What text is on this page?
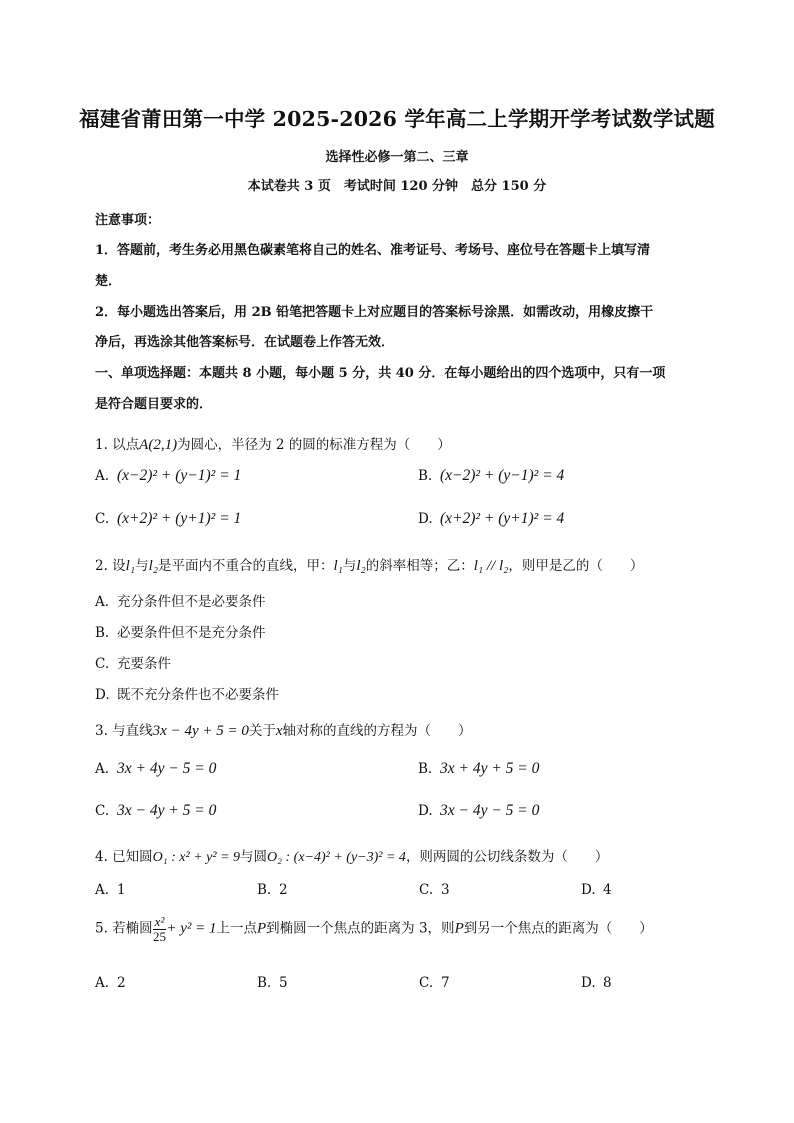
福建省莆田第一中学 2025-2026 学年高二上学期开学考试数学试题
选择性必修一第二、三章
本试卷共 3 页　考试时间 120 分钟　总分 150 分
注意事项：
1．答题前，考生务必用黑色碳素笔将自己的姓名、准考证号、考场号、座位号在答题卡上填写清
楚．
2．每小题选出答案后，用 2B 铅笔把答题卡上对应题目的答案标号涂黑．如需改动，用橡皮擦干
净后，再选涂其他答案标号．在试题卷上作答无效．
一、单项选择题：本题共 8 小题，每小题 5 分，共 40 分．在每小题给出的四个选项中，只有一项
是符合题目要求的．
1. 以点A(2,1)为圆心，半径为 2 的圆的标准方程为（　　）
A. (x−2)² + (y−1)² = 1	B. (x−2)² + (y−1)² = 4
C. (x+2)² + (y+1)² = 1	D. (x+2)² + (y+1)² = 4
2. 设l₁与l₂是平面内不重合的直线，甲：l₁与l₂的斜率相等；乙：l₁ // l₂，则甲是乙的（　　）
A. 充分条件但不是必要条件
B. 必要条件但不是充分条件
C. 充要条件
D. 既不充分条件也不必要条件
3. 与直线3x − 4y + 5 = 0关于x轴对称的直线的方程为（　　）
A. 3x + 4y − 5 = 0	B. 3x + 4y + 5 = 0
C. 3x − 4y + 5 = 0	D. 3x − 4y − 5 = 0
4. 已知圆O₁ : x² + y² = 9与圆O₂ : (x−4)² + (y−3)² = 4，则两圆的公切线条数为（　　）
A. 1	B. 2	C. 3	D. 4
5. 若椭圆 $\frac{\text{x²}}{25} + y^2 = 1$上一点P到椭圆一个焦点的距离为 3，则P到另一个焦点的距离为（　　）
A. 2	B. 5	C. 7	D. 8
